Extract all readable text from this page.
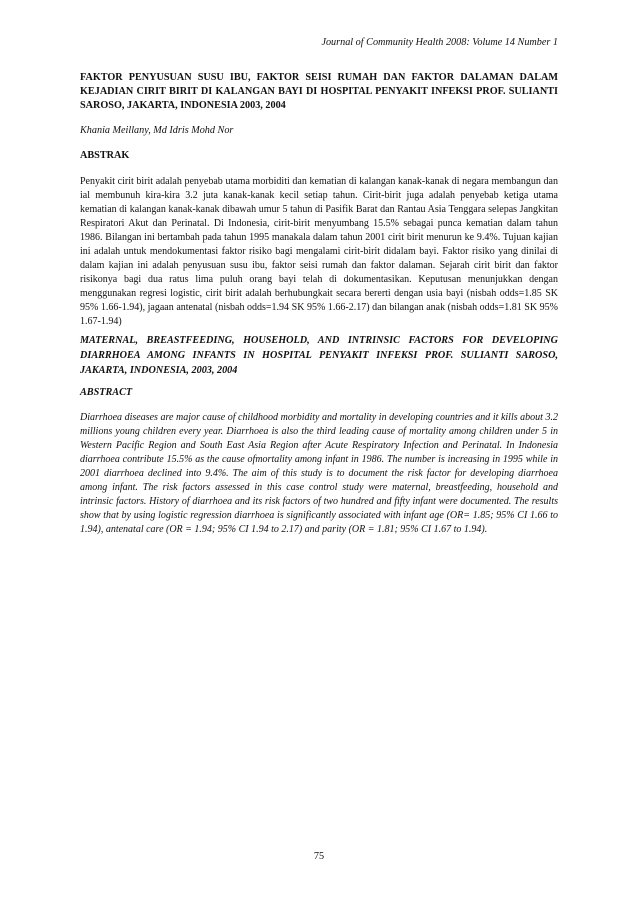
Journal of Community Health 2008: Volume 14 Number 1
FAKTOR PENYUSUAN SUSU IBU, FAKTOR SEISI RUMAH DAN FAKTOR DALAMAN DALAM KEJADIAN CIRIT BIRIT DI KALANGAN BAYI DI HOSPITAL PENYAKIT INFEKSI PROF. SULIANTI SAROSO, JAKARTA, INDONESIA 2003, 2004
Khania Meillany, Md Idris Mohd Nor
ABSTRAK
Penyakit cirit birit adalah penyebab utama morbiditi dan kematian di kalangan kanak-kanak di negara membangun dan ial membunuh kira-kira 3.2 juta kanak-kanak kecil setiap tahun. Cirit-birit juga adalah penyebab ketiga utama kematian di kalangan kanak-kanak dibawah umur 5 tahun di Pasifik Barat dan Rantau Asia Tenggara selepas Jangkitan Respiratori Akut dan Perinatal. Di Indonesia, cirit-birit menyumbang 15.5% sebagai punca kematian dalam tahun 1986. Bilangan ini bertambah pada tahun 1995 manakala dalam tahun 2001 cirit birit menurun ke 9.4%. Tujuan kajian ini adalah untuk mendokumentasi faktor risiko bagi mengalami cirit-birit didalam bayi. Faktor risiko yang dinilai di dalam kajian ini adalah penyusuan susu ibu, faktor seisi rumah dan faktor dalaman. Sejarah cirit birit dan faktor risikonya bagi dua ratus lima puluh orang bayi telah di dokumentasikan. Keputusan menunjukkan dengan menggunakan regresi logistic, cirit birit adalah berhubungkait secara bererti dengan usia bayi (nisbah odds=1.85 SK 95% 1.66-1.94), jagaan antenatal (nisbah odds=1.94 SK 95% 1.66-2.17) dan bilangan anak (nisbah odds=1.81 SK 95% 1.67-1.94)
MATERNAL, BREASTFEEDING, HOUSEHOLD, AND INTRINSIC FACTORS FOR DEVELOPING DIARRHOEA AMONG INFANTS IN HOSPITAL PENYAKIT INFEKSI PROF. SULIANTI SAROSO, JAKARTA, INDONESIA, 2003, 2004
ABSTRACT
Diarrhoea diseases are major cause of childhood morbidity and mortality in developing countries and it kills about 3.2 millions young children every year. Diarrhoea is also the third leading cause of mortality among children under 5 in Western Pacific Region and South East Asia Region after Acute Respiratory Infection and Perinatal. In Indonesia diarrhoea contribute 15.5% as the cause ofmortality among infant in 1986. The number is increasing in 1995 while in 2001 diarrhoea declined into 9.4%. The aim of this study is to document the risk factor for developing diarrhoea among infant. The risk factors assessed in this case control study were maternal, breastfeeding, household and intrinsic factors. History of diarrhoea and its risk factors of two hundred and fifty infant were documented. The results show that by using logistic regression diarrhoea is significantly associated with infant age (OR= 1.85; 95% CI 1.66 to 1.94), antenatal care (OR = 1.94; 95% CI 1.94 to 2.17) and parity (OR = 1.81; 95% CI 1.67 to 1.94).
75
